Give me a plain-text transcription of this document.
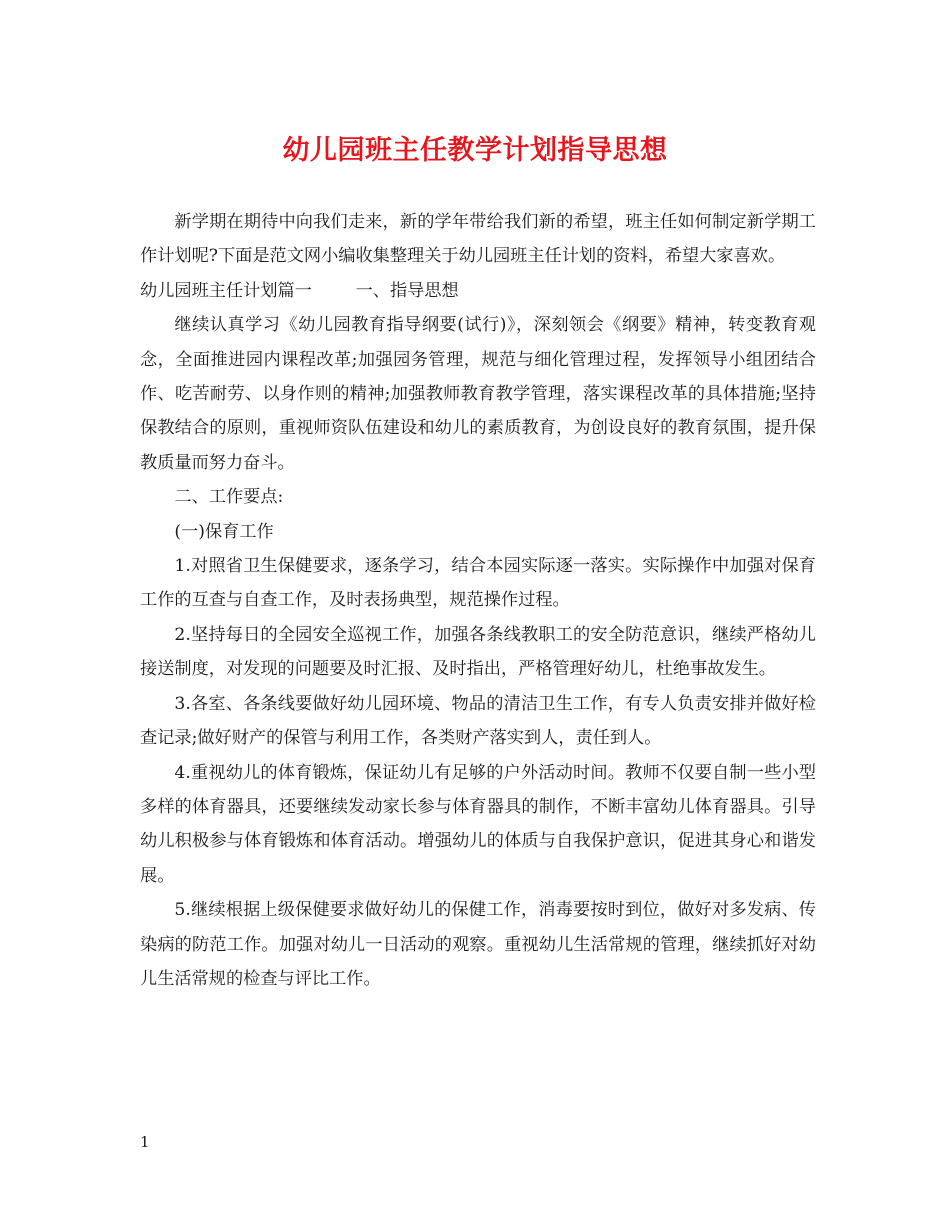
幼儿园班主任教学计划指导思想

新学期在期待中向我们走来，新的学年带给我们新的希望，班主任如何制定新学期工作计划呢?下面是范文网小编收集整理关于幼儿园班主任计划的资料，希望大家喜欢。

幼儿园班主任计划篇一	一、指导思想

继续认真学习《幼儿园教育指导纲要(试行)》，深刻领会《纲要》精神，转变教育观念，全面推进园内课程改革;加强园务管理，规范与细化管理过程，发挥领导小组团结合作、吃苦耐劳、以身作则的精神;加强教师教育教学管理，落实课程改革的具体措施;坚持保教结合的原则，重视师资队伍建设和幼儿的素质教育，为创设良好的教育氛围，提升保教质量而努力奋斗。

二、工作要点:

(一)保育工作

1.对照省卫生保健要求，逐条学习，结合本园实际逐一落实。实际操作中加强对保育工作的互查与自查工作，及时表扬典型，规范操作过程。

2.坚持每日的全园安全巡视工作，加强各条线教职工的安全防范意识，继续严格幼儿接送制度，对发现的问题要及时汇报、及时指出，严格管理好幼儿，杜绝事故发生。

3.各室、各条线要做好幼儿园环境、物品的清洁卫生工作，有专人负责安排并做好检查记录;做好财产的保管与利用工作，各类财产落实到人，责任到人。

4.重视幼儿的体育锻炼，保证幼儿有足够的户外活动时间。教师不仅要自制一些小型多样的体育器具，还要继续发动家长参与体育器具的制作，不断丰富幼儿体育器具。引导幼儿积极参与体育锻炼和体育活动。增强幼儿的体质与自我保护意识，促进其身心和谐发展。

5.继续根据上级保健要求做好幼儿的保健工作，消毒要按时到位，做好对多发病、传染病的防范工作。加强对幼儿一日活动的观察。重视幼儿生活常规的管理，继续抓好对幼儿生活常规的检查与评比工作。

1
